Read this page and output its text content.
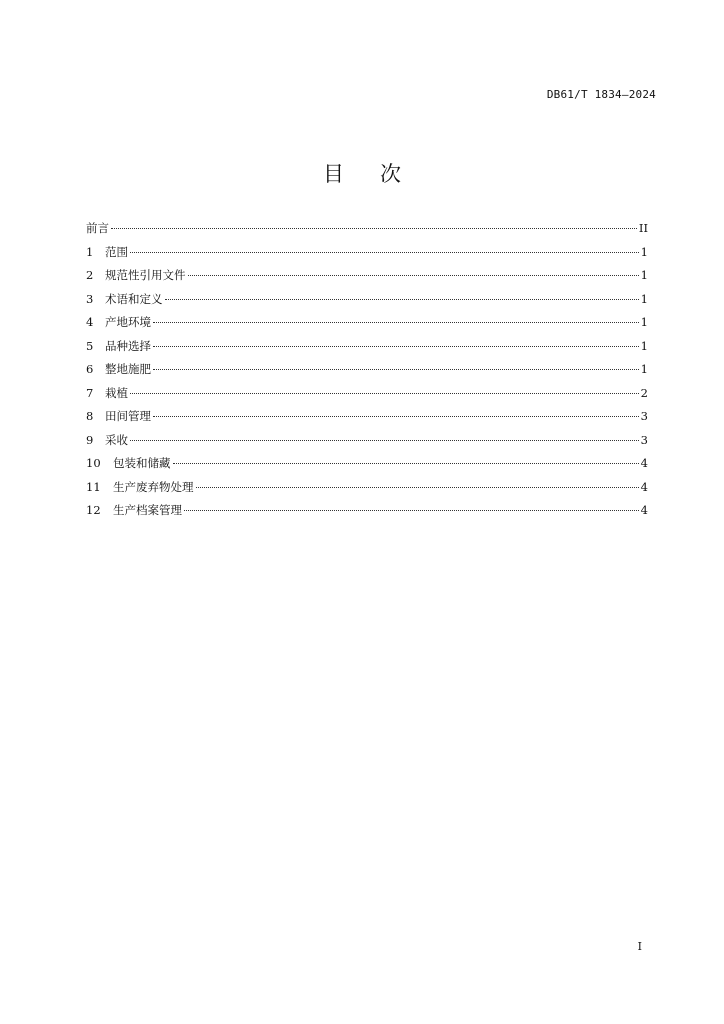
DB61/T 1834—2024
目次
前言	II
1	范围	1
2	规范性引用文件	1
3	术语和定义	1
4	产地环境	1
5	品种选择	1
6	整地施肥	1
7	栽植	2
8	田间管理	3
9	采收	3
10	包装和储藏	4
11	生产废弃物处理	4
12	生产档案管理	4
I
